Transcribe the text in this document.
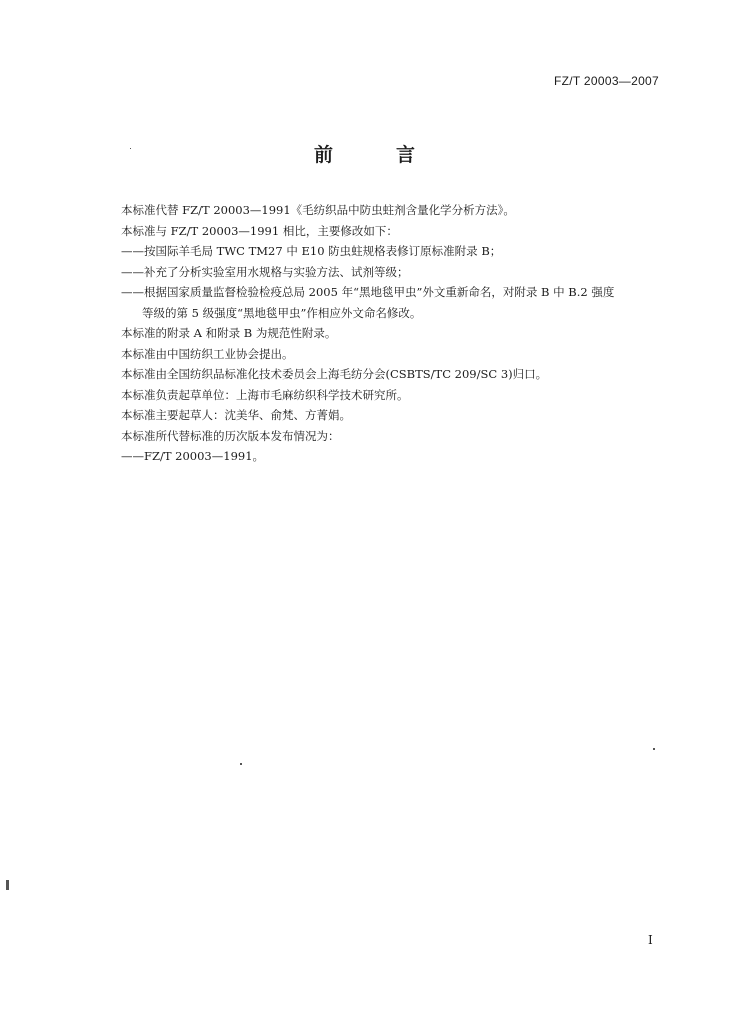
FZ/T 20003—2007
前　言

本标准代替 FZ/T 20003—1991《毛纺织品中防虫蛀剂含量化学分析方法》。

本标准与 FZ/T 20003—1991 相比，主要修改如下：

——按国际羊毛局 TWC TM27 中 E10 防虫蛀规格表修订原标准附录 B；

——补充了分析实验室用水规格与实验方法、试剂等级；

——根据国家质量监督检验检疫总局 2005 年“黑地毯甲虫”外文重新命名，对附录 B 中 B.2 强度

等级的第 5 级强度“黑地毯甲虫”作相应外文命名修改。

本标准的附录 A 和附录 B 为规范性附录。

本标准由中国纺织工业协会提出。

本标准由全国纺织品标准化技术委员会上海毛纺分会(CSBTS/TC 209/SC 3)归口。

本标准负责起草单位：上海市毛麻纺织科学技术研究所。

本标准主要起草人：沈美华、俞梵、方菁娟。

本标准所代替标准的历次版本发布情况为：

——FZ/T 20003—1991。

I
